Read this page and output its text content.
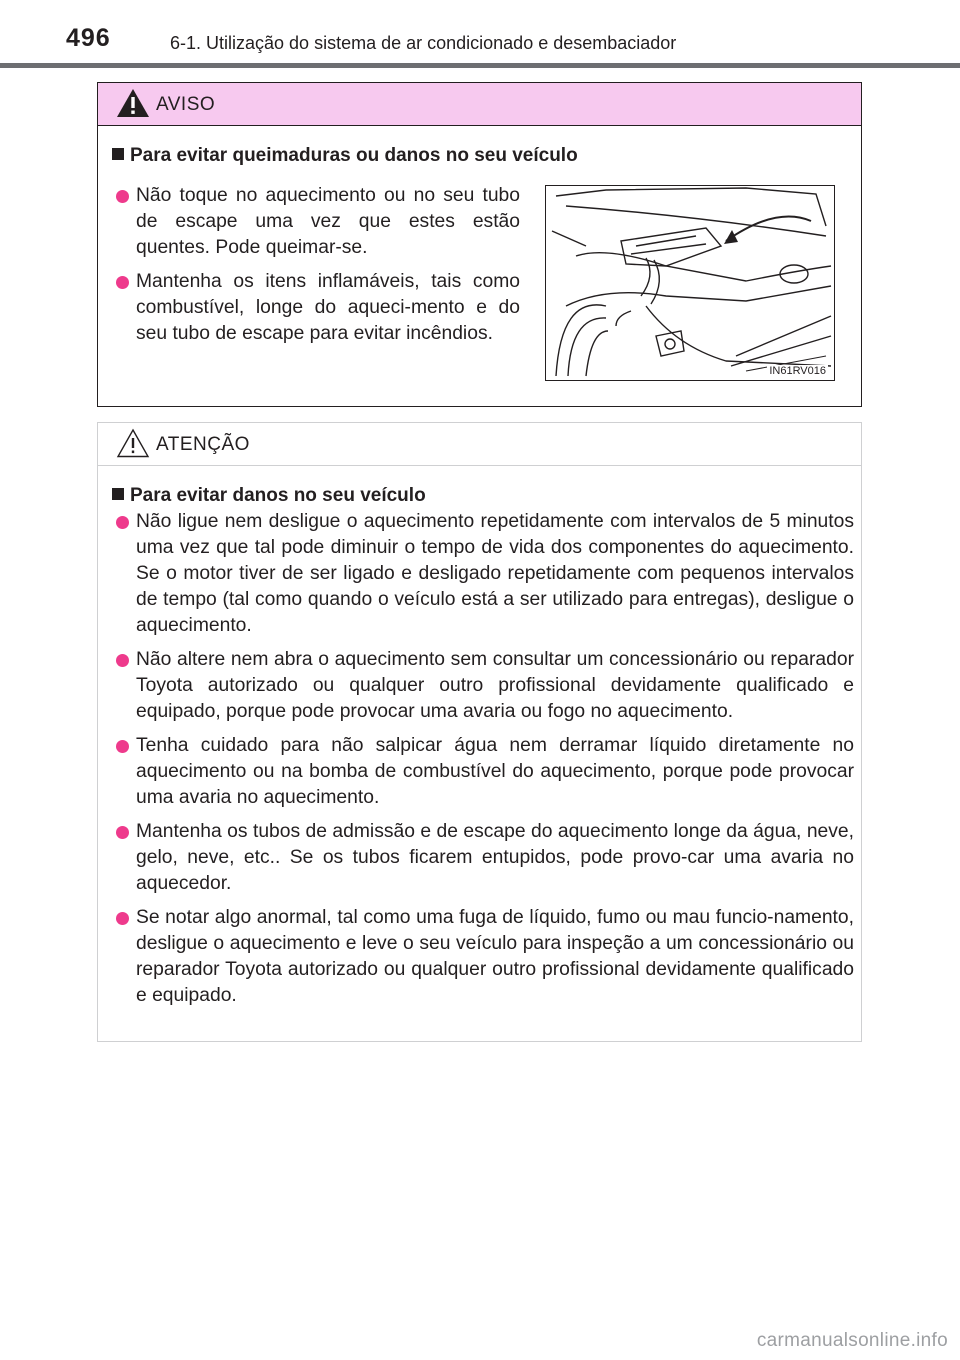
496	6-1. Utilização do sistema de ar condicionado e desembaciador
AVISO
Para evitar queimaduras ou danos no seu veículo
Não toque no aquecimento ou no seu tubo de escape uma vez que estes estão quentes. Pode queimar-se.
Mantenha os itens inflamáveis, tais como combustível, longe do aqueci-mento e do seu tubo de escape para evitar incêndios.
IN61RV016
ATENÇÃO
Para evitar danos no seu veículo
Não ligue nem desligue o aquecimento repetidamente com intervalos de 5 minutos uma vez que tal pode diminuir o tempo de vida dos componentes do aquecimento. Se o motor tiver de ser ligado e desligado repetidamente com pequenos intervalos de tempo (tal como quando o veículo está a ser utilizado para entregas), desligue o aquecimento.
Não altere nem abra o aquecimento sem consultar um concessionário ou reparador Toyota autorizado ou qualquer outro profissional devidamente qualificado e equipado, porque pode provocar uma avaria ou fogo no aquecimento.
Tenha cuidado para não salpicar água nem derramar líquido diretamente no aquecimento ou na bomba de combustível do aquecimento, porque pode provocar uma avaria no aquecimento.
Mantenha os tubos de admissão e de escape do aquecimento longe da água, neve, gelo, neve, etc.. Se os tubos ficarem entupidos, pode provo-car uma avaria no aquecedor.
Se notar algo anormal, tal como uma fuga de líquido, fumo ou mau funcio-namento, desligue o aquecimento e leve o seu veículo para inspeção a um concessionário ou reparador Toyota autorizado ou qualquer outro profissional devidamente qualificado e equipado.
carmanualsonline.info
